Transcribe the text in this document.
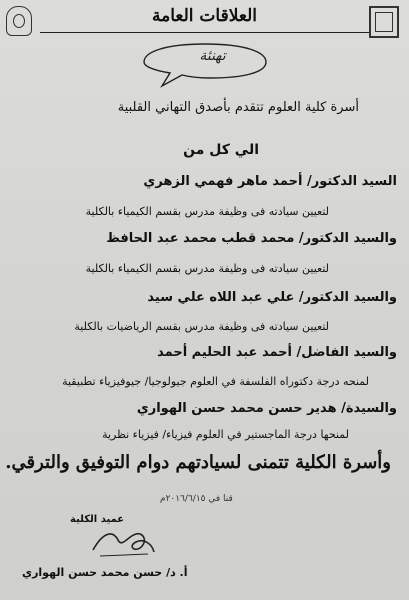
العلاقات العامة
تهنئة
أسرة كلية العلوم تتقدم بأصدق التهاني القلبية
الي كل من
السيد الدكتور/ أحمد ماهر فهمي الزهري
لتعيين سيادته فى وظيفة مدرس بقسم الكيمياء بالكلية
والسيد الدكتور/ محمد قطب محمد عبد الحافظ
لتعيين سيادته فى وظيفة مدرس بقسم الكيمياء بالكلية
والسيد الدكتور/ علي عبد اللاه علي سيد
لتعيين سيادته فى وظيفة مدرس بقسم الرياضيات بالكلية
والسيد الفاضل/ أحمد عبد الحليم أحمد
لمنحه درجة دكتوراه الفلسفة في العلوم جيولوجيا/ جيوفيزياء تطبيقية
والسيدة/ هدير حسن محمد حسن الهواري
لمنحها درجة الماجستير في العلوم فيزياء/ فيزياء نظرية
وأسرة الكلية تتمنى لسيادتهم دوام التوفيق والترقي.
قنا في ٢٠١٦/٦/١٥م
عميد الكلية
أ. د/ حسن محمد حسن الهواري
